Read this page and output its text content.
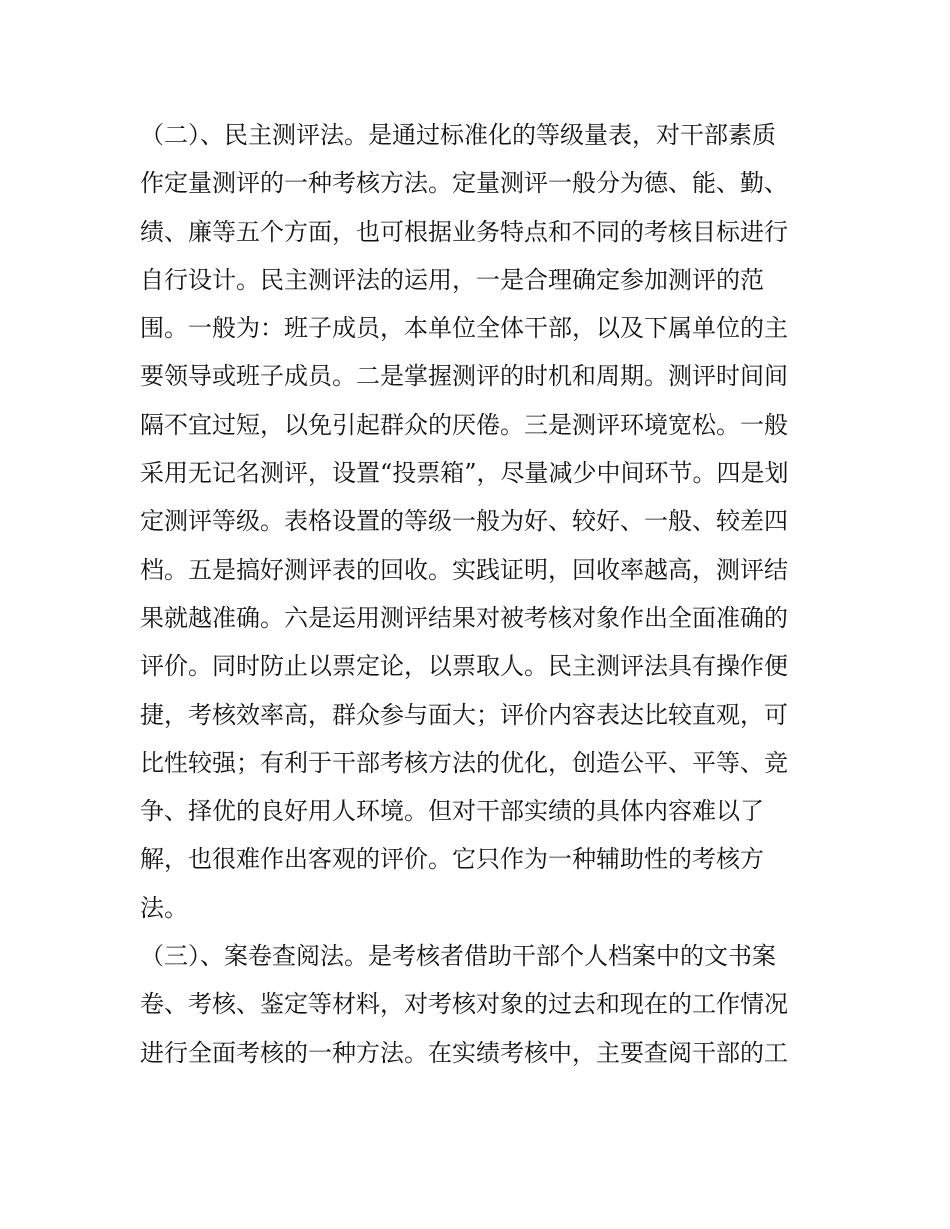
（二）、民主测评法。是通过标准化的等级量表，对干部素质
作定量测评的一种考核方法。定量测评一般分为德、能、勤、
绩、廉等五个方面，也可根据业务特点和不同的考核目标进行
自行设计。民主测评法的运用，一是合理确定参加测评的范
围。一般为：班子成员，本单位全体干部，以及下属单位的主
要领导或班子成员。二是掌握测评的时机和周期。测评时间间
隔不宜过短，以免引起群众的厌倦。三是测评环境宽松。一般
采用无记名测评，设置“投票箱”，尽量减少中间环节。四是划
定测评等级。表格设置的等级一般为好、较好、一般、较差四
档。五是搞好测评表的回收。实践证明，回收率越高，测评结
果就越准确。六是运用测评结果对被考核对象作出全面准确的
评价。同时防止以票定论，以票取人。民主测评法具有操作便
捷，考核效率高，群众参与面大；评价内容表达比较直观，可
比性较强；有利于干部考核方法的优化，创造公平、平等、竞
争、择优的良好用人环境。但对干部实绩的具体内容难以了
解，也很难作出客观的评价。它只作为一种辅助性的考核方
法。
（三）、案卷查阅法。是考核者借助干部个人档案中的文书案
卷、考核、鉴定等材料，对考核对象的过去和现在的工作情况
进行全面考核的一种方法。在实绩考核中，主要查阅干部的工
